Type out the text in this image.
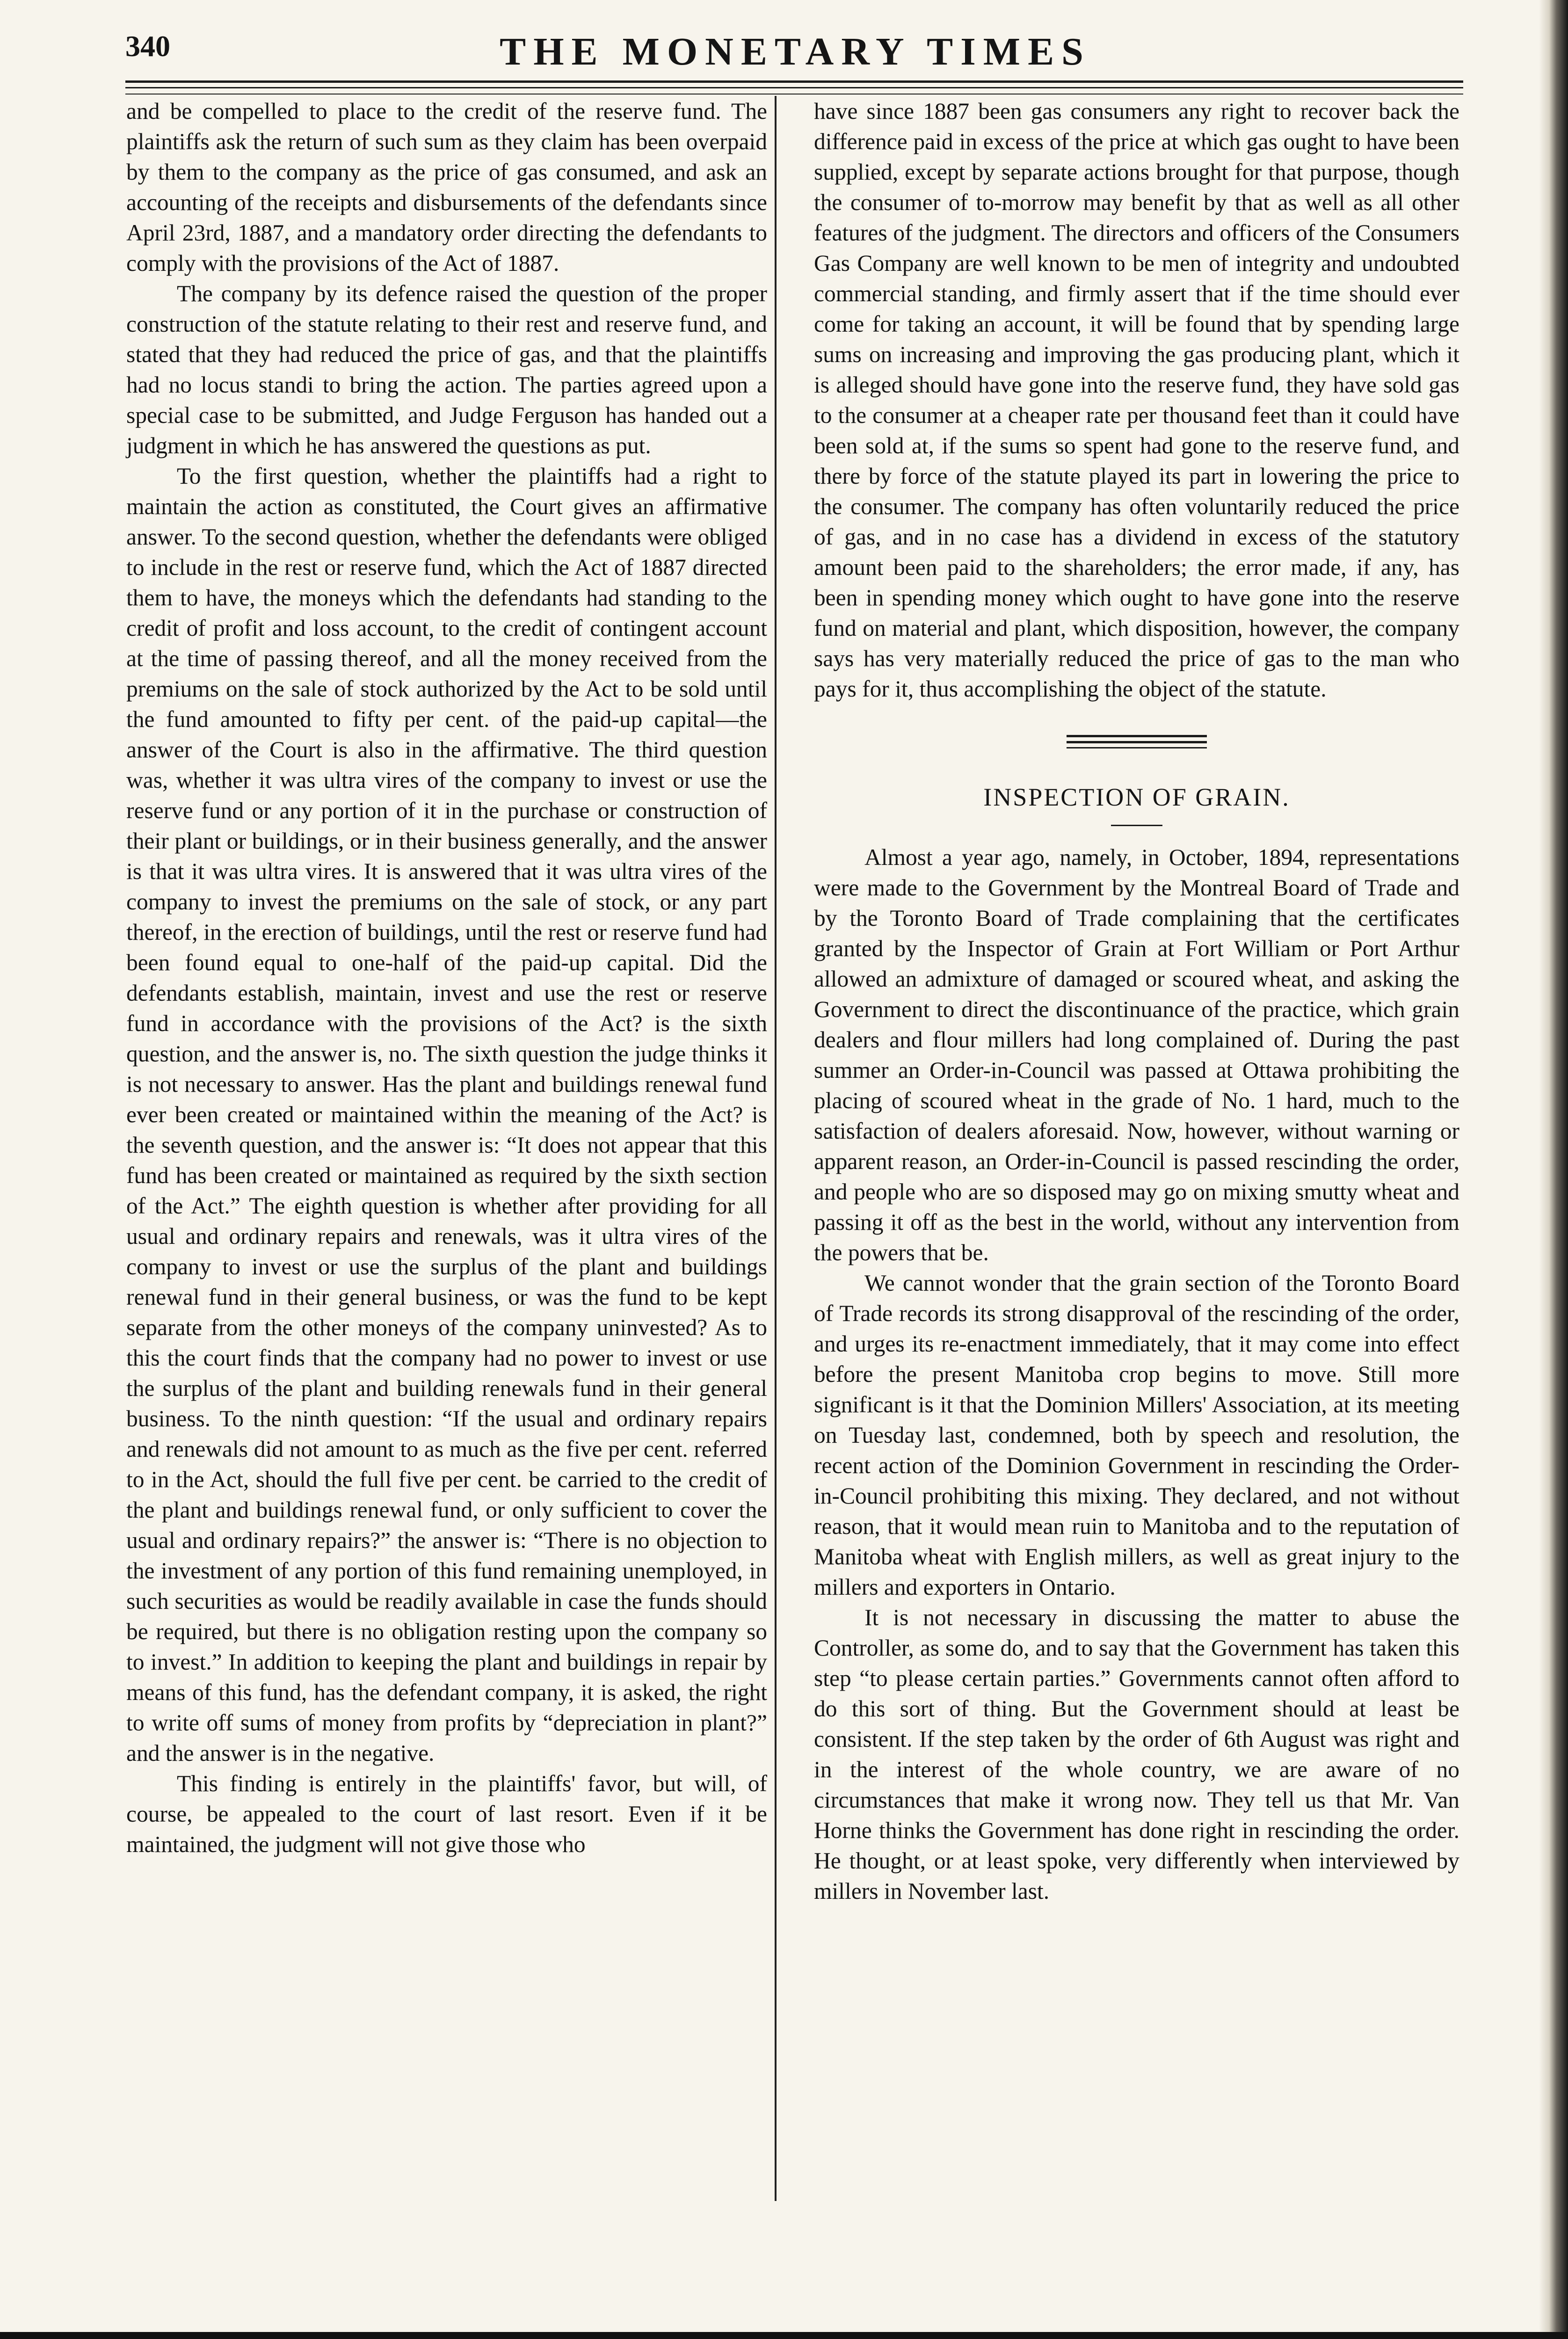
340	THE MONETARY TIMES

and be compelled to place to the credit of the reserve fund. The plaintiffs ask the return of such sum as they claim has been overpaid by them to the company as the price of gas consumed, and ask an accounting of the receipts and disbursements of the defendants since April 23rd, 1887, and a mandatory order directing the defendants to comply with the provisions of the Act of 1887.

The company by its defence raised the question of the proper construction of the statute relating to their rest and reserve fund, and stated that they had reduced the price of gas, and that the plaintiffs had no locus standi to bring the action. The parties agreed upon a special case to be submitted, and Judge Ferguson has handed out a judgment in which he has answered the questions as put.

To the first question, whether the plaintiffs had a right to maintain the action as constituted, the Court gives an affirmative answer. To the second question, whether the defendants were obliged to include in the rest or reserve fund, which the Act of 1887 directed them to have, the moneys which the defendants had standing to the credit of profit and loss account, to the credit of contingent account at the time of passing thereof, and all the money received from the premiums on the sale of stock authorized by the Act to be sold until the fund amounted to fifty per cent. of the paid-up capital—the answer of the Court is also in the affirmative. The third question was, whether it was ultra vires of the company to invest or use the reserve fund or any portion of it in the purchase or construction of their plant or buildings, or in their business generally, and the answer is that it was ultra vires. It is answered that it was ultra vires of the company to invest the premiums on the sale of stock, or any part thereof, in the erection of buildings, until the rest or reserve fund had been found equal to one-half of the paid-up capital. Did the defendants establish, maintain, invest and use the rest or reserve fund in accordance with the provisions of the Act? is the sixth question, and the answer is, no. The sixth question the judge thinks it is not necessary to answer. Has the plant and buildings renewal fund ever been created or maintained within the meaning of the Act? is the seventh question, and the answer is: “It does not appear that this fund has been created or maintained as required by the sixth section of the Act.” The eighth question is whether after providing for all usual and ordinary repairs and renewals, was it ultra vires of the company to invest or use the surplus of the plant and buildings renewal fund in their general business, or was the fund to be kept separate from the other moneys of the company uninvested? As to this the court finds that the company had no power to invest or use the surplus of the plant and building renewals fund in their general business. To the ninth question: “If the usual and ordinary repairs and renewals did not amount to as much as the five per cent. referred to in the Act, should the full five per cent. be carried to the credit of the plant and buildings renewal fund, or only sufficient to cover the usual and ordinary repairs?” the answer is: “There is no objection to the investment of any portion of this fund remaining unemployed, in such securities as would be readily available in case the funds should be required, but there is no obligation resting upon the company so to invest.” In addition to keeping the plant and buildings in repair by means of this fund, has the defendant company, it is asked, the right to write off sums of money from profits by “depreciation in plant?” and the answer is in the negative.

This finding is entirely in the plaintiffs' favor, but will, of course, be appealed to the court of last resort. Even if it be maintained, the judgment will not give those who

have since 1887 been gas consumers any right to recover back the difference paid in excess of the price at which gas ought to have been supplied, except by separate actions brought for that purpose, though the consumer of to-morrow may benefit by that as well as all other features of the judgment. The directors and officers of the Consumers Gas Company are well known to be men of integrity and undoubted commercial standing, and firmly assert that if the time should ever come for taking an account, it will be found that by spending large sums on increasing and improving the gas producing plant, which it is alleged should have gone into the reserve fund, they have sold gas to the consumer at a cheaper rate per thousand feet than it could have been sold at, if the sums so spent had gone to the reserve fund, and there by force of the statute played its part in lowering the price to the consumer. The company has often voluntarily reduced the price of gas, and in no case has a dividend in excess of the statutory amount been paid to the shareholders; the error made, if any, has been in spending money which ought to have gone into the reserve fund on material and plant, which disposition, however, the company says has very materially reduced the price of gas to the man who pays for it, thus accomplishing the object of the statute.

INSPECTION OF GRAIN.

Almost a year ago, namely, in October, 1894, representations were made to the Government by the Montreal Board of Trade and by the Toronto Board of Trade complaining that the certificates granted by the Inspector of Grain at Fort William or Port Arthur allowed an admixture of damaged or scoured wheat, and asking the Government to direct the discontinuance of the practice, which grain dealers and flour millers had long complained of. During the past summer an Order-in-Council was passed at Ottawa prohibiting the placing of scoured wheat in the grade of No. 1 hard, much to the satisfaction of dealers aforesaid. Now, however, without warning or apparent reason, an Order-in-Council is passed rescinding the order, and people who are so disposed may go on mixing smutty wheat and passing it off as the best in the world, without any intervention from the powers that be.

We cannot wonder that the grain section of the Toronto Board of Trade records its strong disapproval of the rescinding of the order, and urges its re-enactment immediately, that it may come into effect before the present Manitoba crop begins to move. Still more significant is it that the Dominion Millers' Association, at its meeting on Tuesday last, condemned, both by speech and resolution, the recent action of the Dominion Government in rescinding the Order-in-Council prohibiting this mixing. They declared, and not without reason, that it would mean ruin to Manitoba and to the reputation of Manitoba wheat with English millers, as well as great injury to the millers and exporters in Ontario.

It is not necessary in discussing the matter to abuse the Controller, as some do, and to say that the Government has taken this step “to please certain parties.” Governments cannot often afford to do this sort of thing. But the Government should at least be consistent. If the step taken by the order of 6th August was right and in the interest of the whole country, we are aware of no circumstances that make it wrong now. They tell us that Mr. Van Horne thinks the Government has done right in rescinding the order. He thought, or at least spoke, very differently when interviewed by millers in November last.
